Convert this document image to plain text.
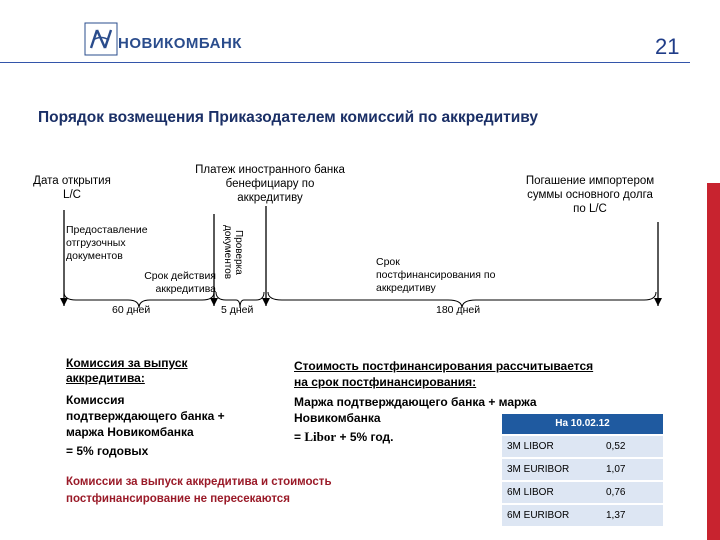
НОВИКОМБАНК	21
Порядок возмещения Приказодателем комиссий по аккредитиву
Дата открытия
L/C
Платеж иностранного банка
бенефициару по
аккредитиву
Погашение импортером
суммы основного долга
по L/C
Предоставление
отгрузочных
документов
Срок действия
аккредитива
Проверка документов	Срок
постфинансирования по
аккредитиву
60 дней	5 дней	180 дней
Комиссия за выпуск
аккредитива:
Комиссия
подтверждающего банка +
маржа Новикомбанка
= 5% годовых
Комиссии за выпуск аккредитива и стоимость
постфинансирование не пересекаются
Стоимость постфинансирования рассчитывается
на срок постфинансирования:
Маржа подтверждающего банка + маржа
Новикомбанка
= Libor + 5% год.
На 10.02.12
3M LIBOR	0,52
3M EURIBOR	1,07
6M LIBOR	0,76
6M EURIBOR	1,37
